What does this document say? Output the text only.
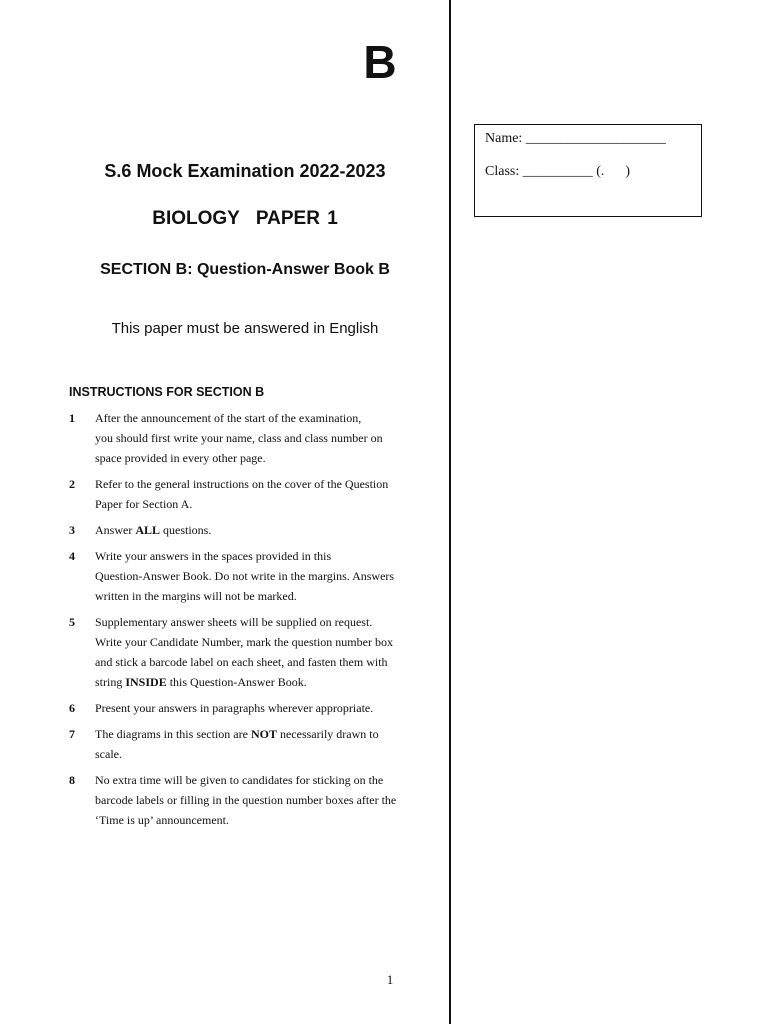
B
S.6 Mock Examination 2022-2023
BIOLOGY PAPER 1
SECTION B: Question-Answer Book B
This paper must be answered in English
INSTRUCTIONS FOR SECTION B
1 After the announcement of the start of the examination,
you should first write your name, class and class number on
space provided in every other page.
2 Refer to the general instructions on the cover of the Question
Paper for Section A.
3 Answer ALL questions.
4 Write your answers in the spaces provided in this
Question-Answer Book. Do not write in the margins. Answers
written in the margins will not be marked.
5 Supplementary answer sheets will be supplied on request.
Write your Candidate Number, mark the question number box
and stick a barcode label on each sheet, and fasten them with
string INSIDE this Question-Answer Book.
6 Present your answers in paragraphs wherever appropriate.
7 The diagrams in this section are NOT necessarily drawn to
scale.
8 No extra time will be given to candidates for sticking on the
barcode labels or filling in the question number boxes after the
‘Time is up’ announcement.
Name: ____________________
Class: __________ (.      )
1
